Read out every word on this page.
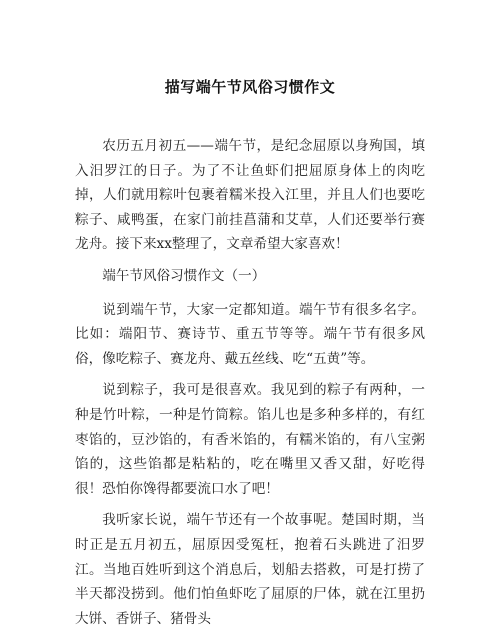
描写端午节风俗习惯作文

农历五月初五——端午节，是纪念屈原以身殉国，填入汨罗江的日子。为了不让鱼虾们把屈原身体上的肉吃掉，人们就用粽叶包裹着糯米投入江里，并且人们也要吃粽子、咸鸭蛋，在家门前挂菖蒲和艾草，人们还要举行赛龙舟。接下来xx整理了，文章希望大家喜欢！

端午节风俗习惯作文（一）

说到端午节，大家一定都知道。端午节有很多名字。比如：端阳节、赛诗节、重五节等等。端午节有很多风俗，像吃粽子、赛龙舟、戴五丝线、吃“五黄”等。

说到粽子，我可是很喜欢。我见到的粽子有两种，一种是竹叶粽，一种是竹筒粽。馅儿也是多种多样的，有红枣馅的，豆沙馅的，有香米馅的，有糯米馅的，有八宝粥馅的，这些馅都是粘粘的，吃在嘴里又香又甜，好吃得很！恐怕你馋得都要流口水了吧！

我听家长说，端午节还有一个故事呢。楚国时期，当时正是五月初五，屈原因受冤枉，抱着石头跳进了汨罗江。当地百姓听到这个消息后，划船去搭救，可是打捞了半天都没捞到。他们怕鱼虾吃了屈原的尸体，就在江里扔大饼、香饼子、猪骨头
